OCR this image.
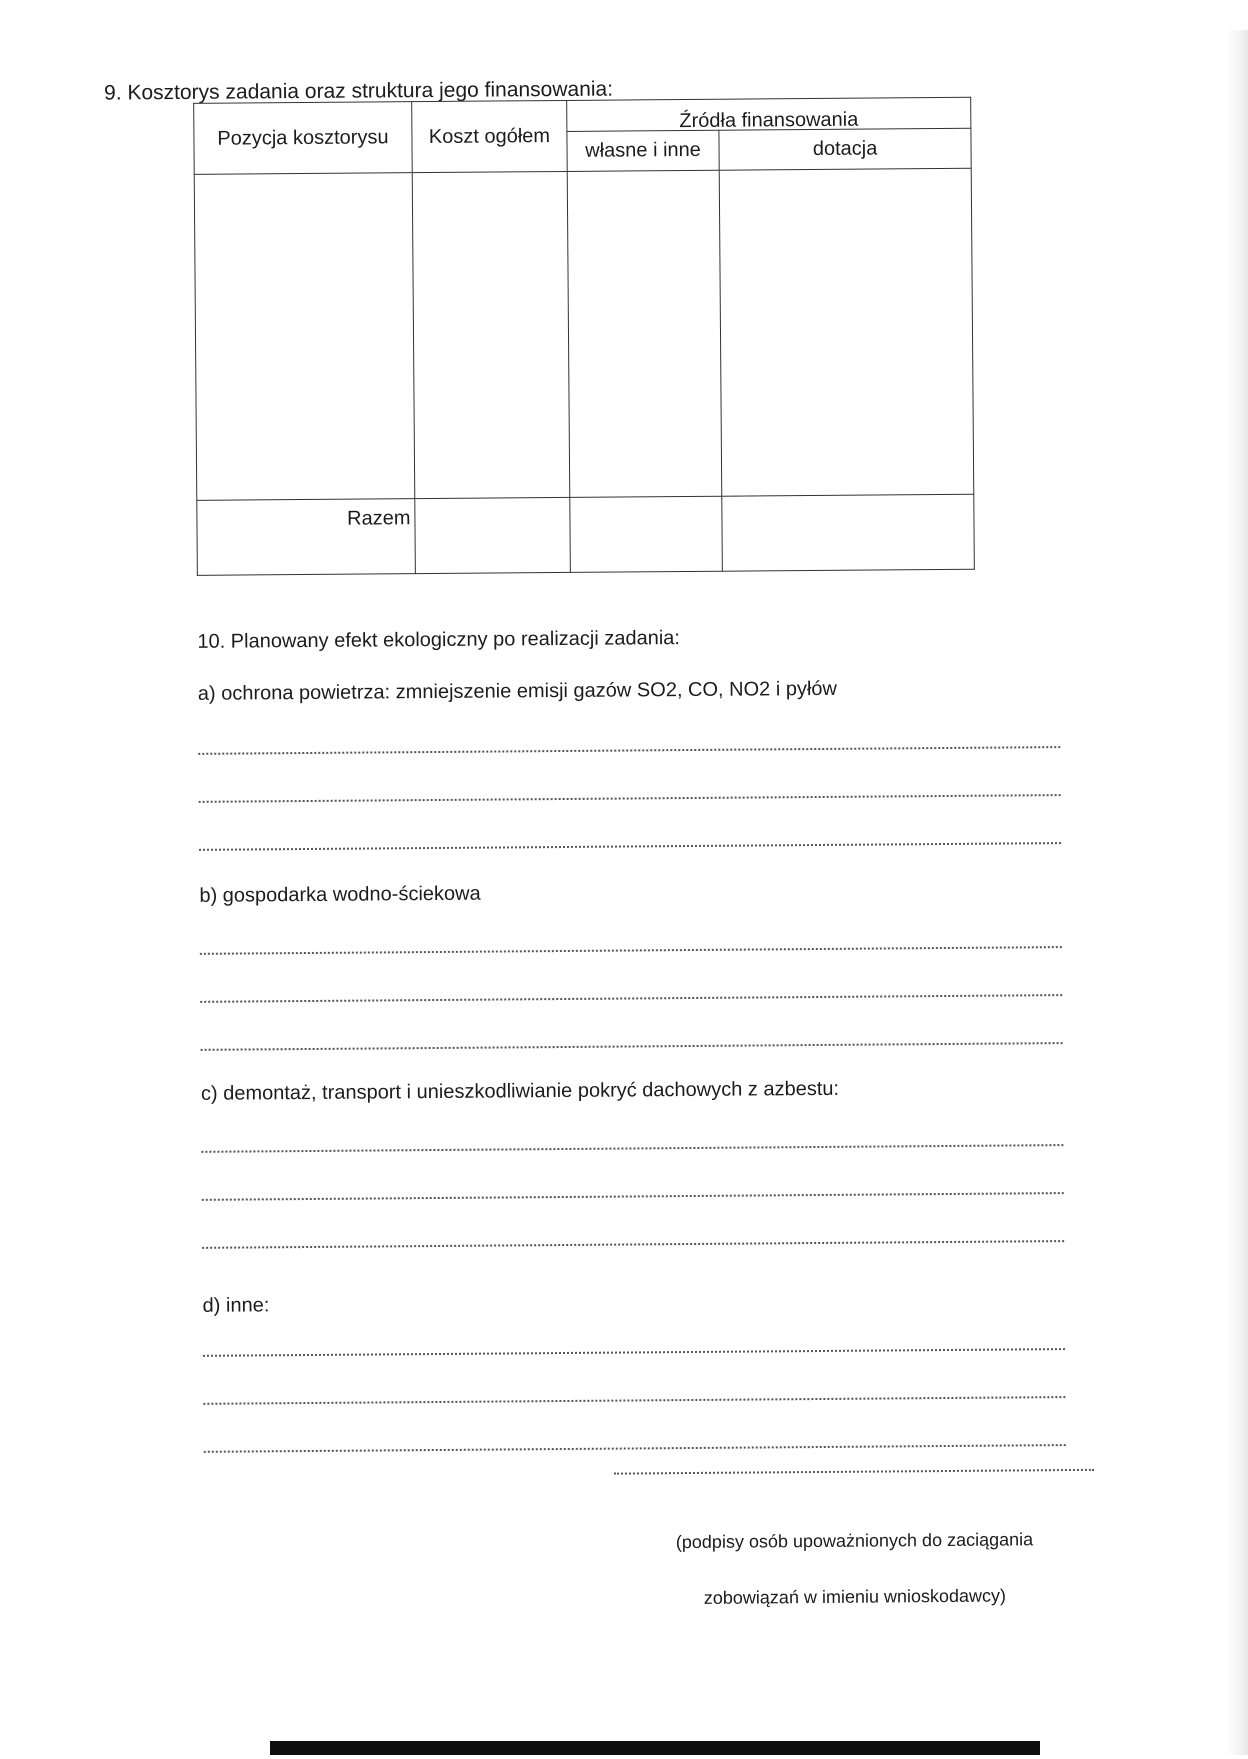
9. Kosztorys zadania oraz struktura jego finansowania:
Pozycja kosztorysu	Koszt ogółem	Źródła finansowania	
		własne i inne	dotacja

Razem			
10. Planowany efekt ekologiczny po realizacji zadania:
a) ochrona powietrza: zmniejszenie emisji gazów SO2, CO, NO2 i pyłów
b) gospodarka wodno-ściekowa
c) demontaż, transport i unieszkodliwianie pokryć dachowych z azbestu:
d) inne:
(podpisy osób upoważnionych do zaciągania
zobowiązań w imieniu wnioskodawcy)
